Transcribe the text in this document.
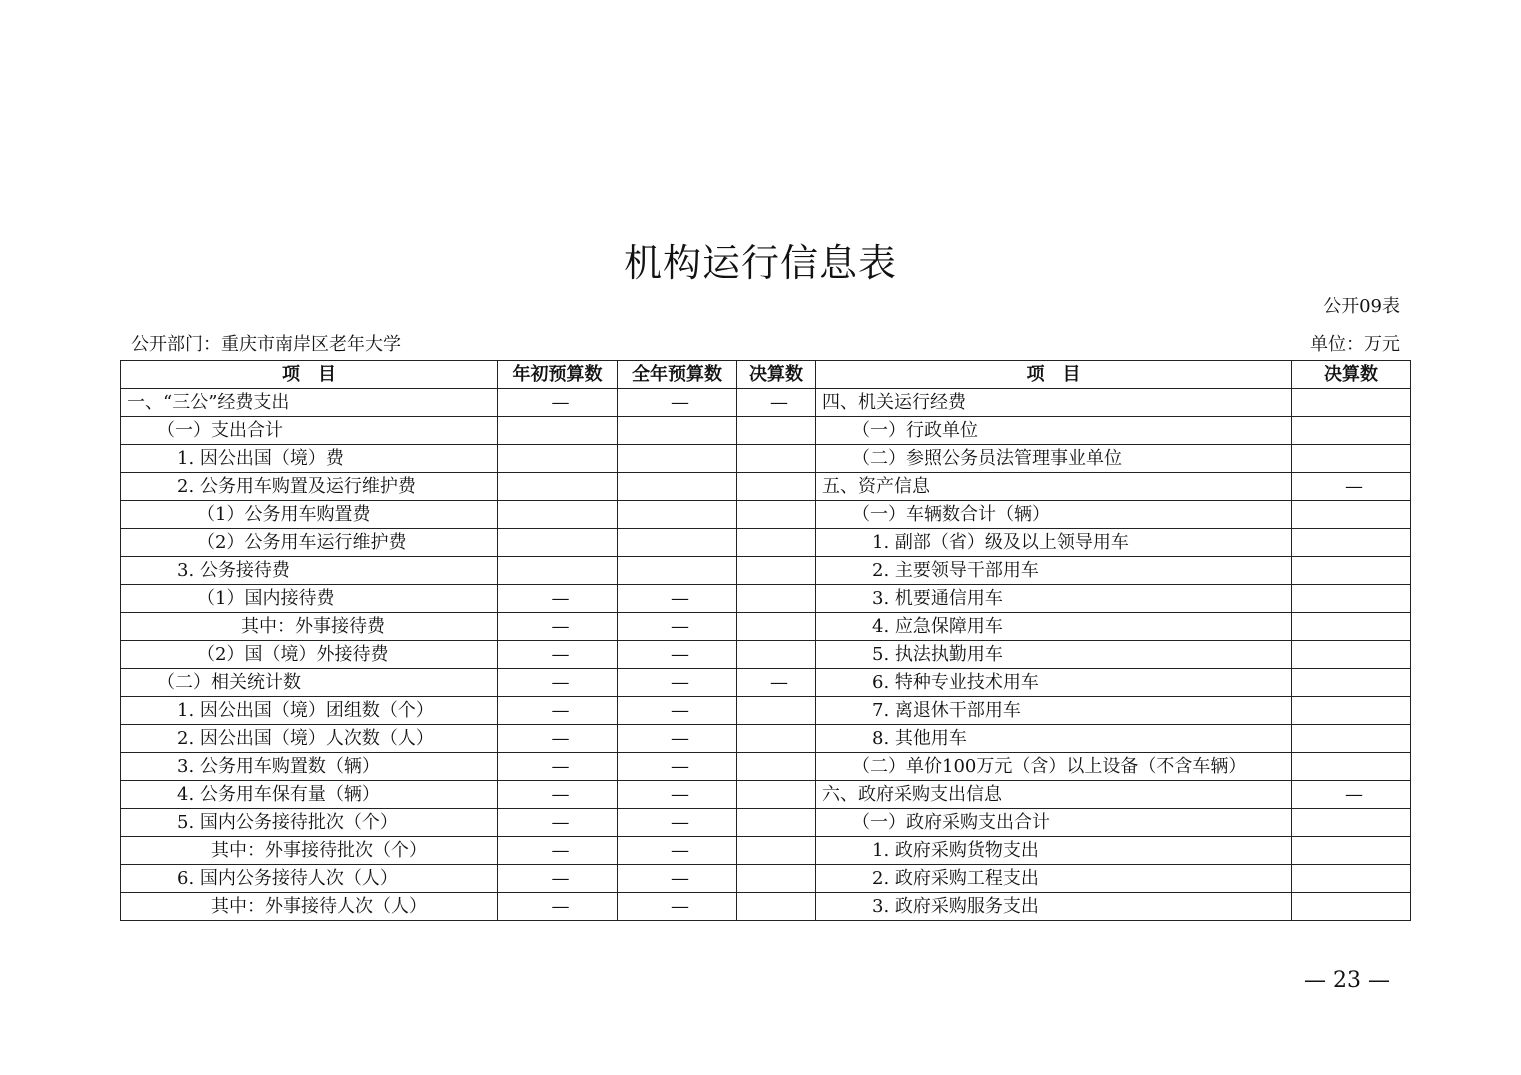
机构运行信息表
公开09表
公开部门：重庆市南岸区老年大学	单位：万元
项　目	年初预算数	全年预算数	决算数	项　目	决算数
一、“三公”经费支出	—	—	—	四、机关运行经费	
（一）支出合计				（一）行政单位	
1. 因公出国（境）费				（二）参照公务员法管理事业单位	
2. 公务用车购置及运行维护费				五、资产信息	—
（1）公务用车购置费				（一）车辆数合计（辆）	
（2）公务用车运行维护费				1. 副部（省）级及以上领导用车	
3. 公务接待费				2. 主要领导干部用车	
（1）国内接待费	—	—		3. 机要通信用车	
其中：外事接待费	—	—		4. 应急保障用车	
（2）国（境）外接待费	—	—		5. 执法执勤用车	
（二）相关统计数	—	—	—	6. 特种专业技术用车	
1. 因公出国（境）团组数（个）	—	—		7. 离退休干部用车	
2. 因公出国（境）人次数（人）	—	—		8. 其他用车	
3. 公务用车购置数（辆）	—	—		（二）单价100万元（含）以上设备（不含车辆）	
4. 公务用车保有量（辆）	—	—		六、政府采购支出信息	—
5. 国内公务接待批次（个）	—	—		（一）政府采购支出合计	
其中：外事接待批次（个）	—	—		1. 政府采购货物支出	
6. 国内公务接待人次（人）	—	—		2. 政府采购工程支出	
其中：外事接待人次（人）	—	—		3. 政府采购服务支出	
— 23 —
